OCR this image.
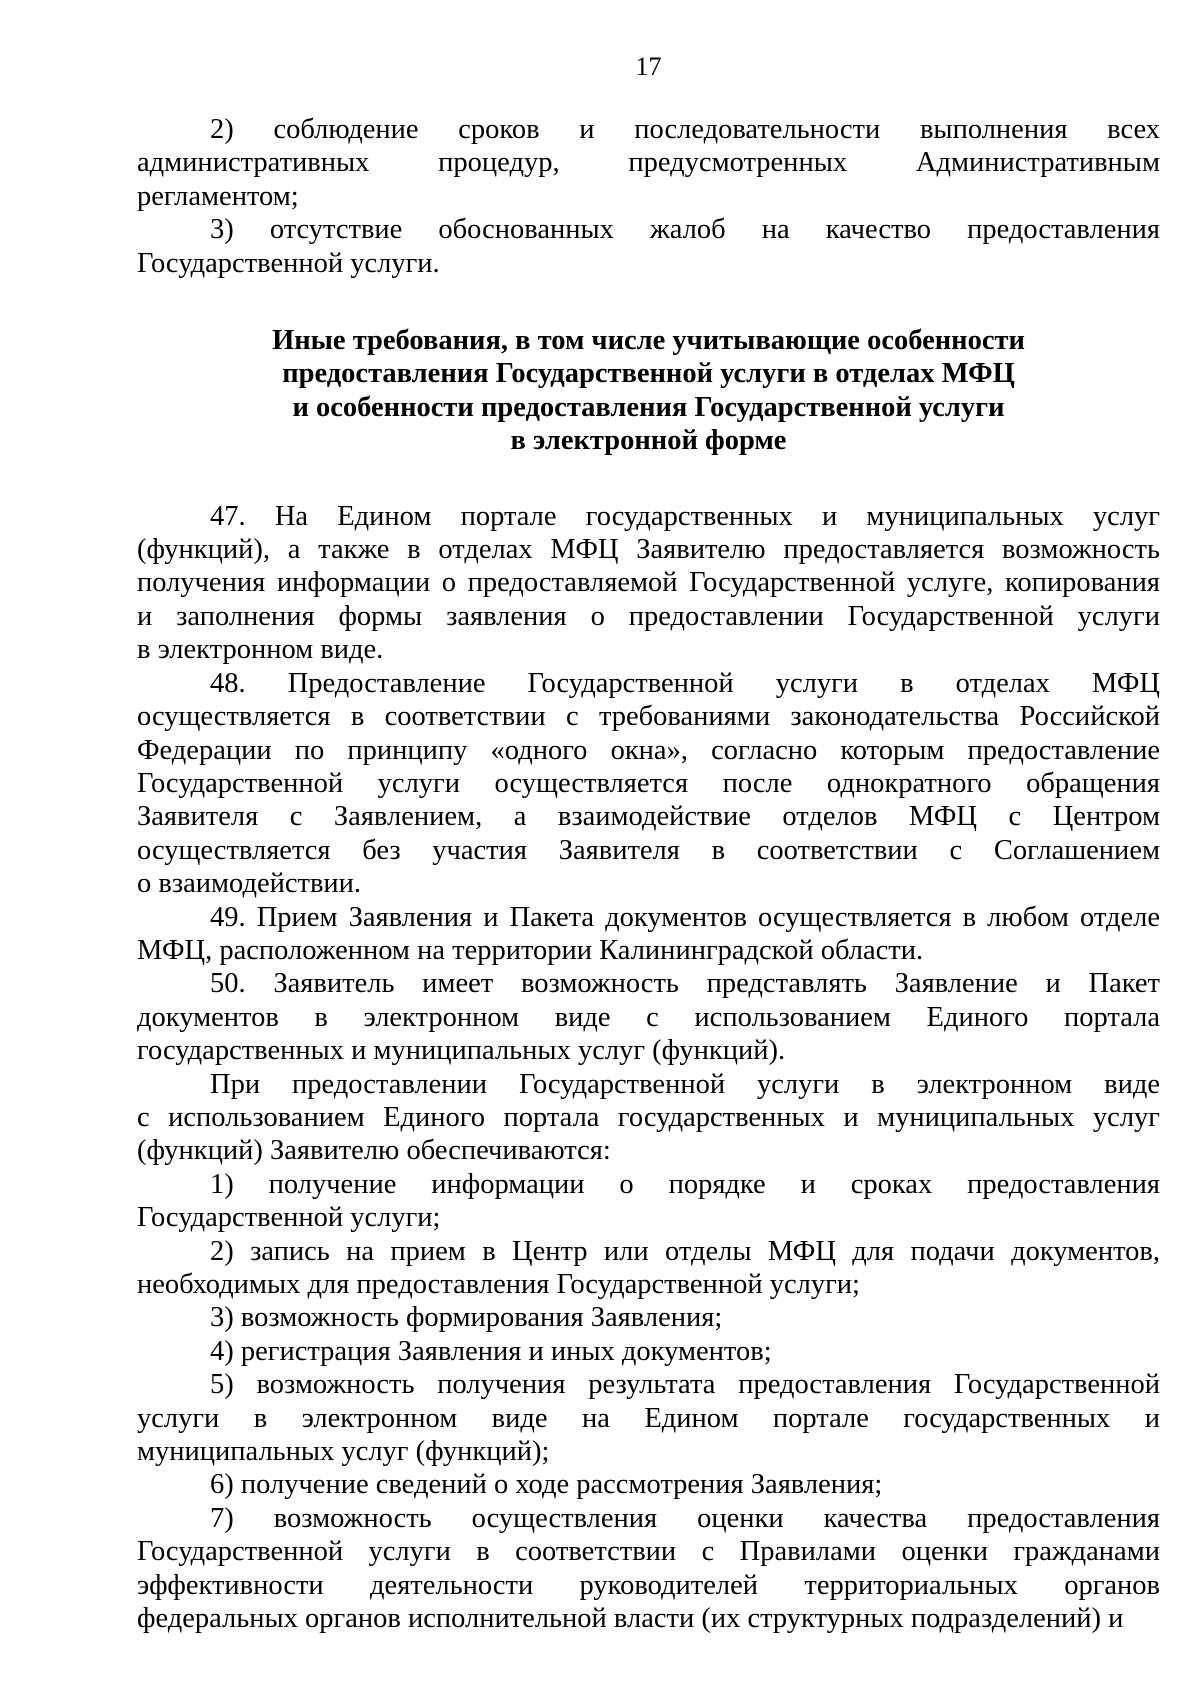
17
2) соблюдение сроков и последовательности выполнения всех
административных процедур, предусмотренных Административным
регламентом;
3) отсутствие обоснованных жалоб на качество предоставления
Государственной услуги.
Иные требования, в том числе учитывающие особенности
предоставления Государственной услуги в отделах МФЦ
и особенности предоставления Государственной услуги
в электронной форме
47. На Едином портале государственных и муниципальных услуг
(функций), а также в отделах МФЦ Заявителю предоставляется возможность
получения информации о предоставляемой Государственной услуге, копирования
и заполнения формы заявления о предоставлении Государственной услуги
в электронном виде.
48. Предоставление Государственной услуги в отделах МФЦ
осуществляется в соответствии с требованиями законодательства Российской
Федерации по принципу «одного окна», согласно которым предоставление
Государственной услуги осуществляется после однократного обращения
Заявителя с Заявлением, а взаимодействие отделов МФЦ с Центром
осуществляется без участия Заявителя в соответствии с Соглашением
о взаимодействии.
49. Прием Заявления и Пакета документов осуществляется в любом отделе
МФЦ, расположенном на территории Калининградской области.
50. Заявитель имеет возможность представлять Заявление и Пакет
документов в электронном виде с использованием Единого портала
государственных и муниципальных услуг (функций).
При предоставлении Государственной услуги в электронном виде
с использованием Единого портала государственных и муниципальных услуг
(функций) Заявителю обеспечиваются:
1) получение информации о порядке и сроках предоставления
Государственной услуги;
2) запись на прием в Центр или отделы МФЦ для подачи документов,
необходимых для предоставления Государственной услуги;
3) возможность формирования Заявления;
4) регистрация Заявления и иных документов;
5) возможность получения результата предоставления Государственной
услуги в электронном виде на Едином портале государственных и
муниципальных услуг (функций);
6) получение сведений о ходе рассмотрения Заявления;
7) возможность осуществления оценки качества предоставления
Государственной услуги в соответствии с Правилами оценки гражданами
эффективности деятельности руководителей территориальных органов
федеральных органов исполнительной власти (их структурных подразделений) и
